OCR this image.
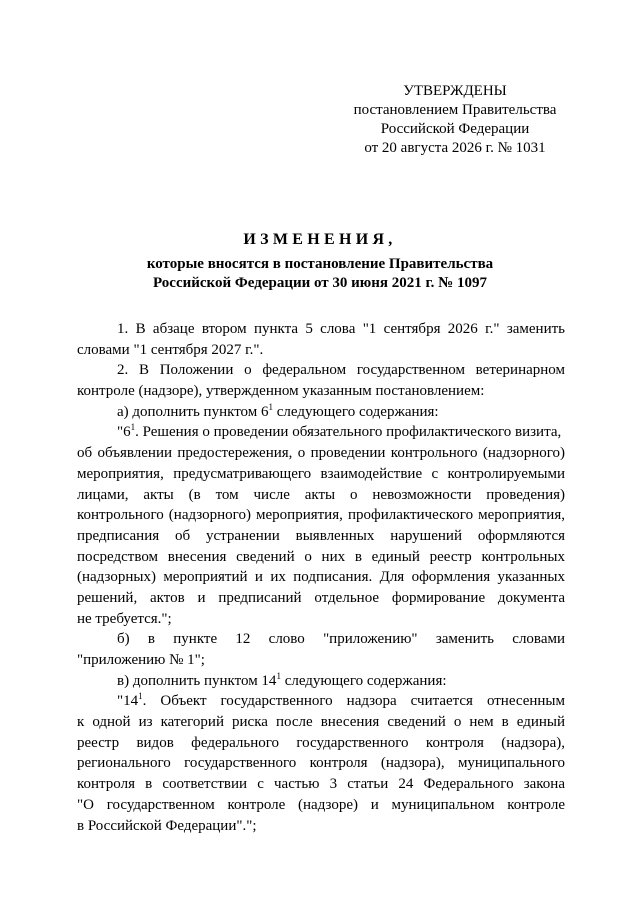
УТВЕРЖДЕНЫ
постановлением Правительства
Российской Федерации
от 20 августа 2026 г. № 1031
ИЗМЕНЕНИЯ,
которые вносятся в постановление Правительства
Российской Федерации от 30 июня 2021 г. № 1097
1. В абзаце втором пункта 5 слова "1 сентября 2026 г." заменить
словами "1 сентября 2027 г.".
2. В Положении о федеральном государственном ветеринарном
контроле (надзоре), утвержденном указанным постановлением:
а) дополнить пунктом $6^1$ следующего содержания:
"$6^1$. Решения о проведении обязательного профилактического визита,
об объявлении предостережения, о проведении контрольного (надзорного)
мероприятия, предусматривающего взаимодействие с контролируемыми
лицами, акты (в том числе акты о невозможности проведения)
контрольного (надзорного) мероприятия, профилактического мероприятия,
предписания об устранении выявленных нарушений оформляются
посредством внесения сведений о них в единый реестр контрольных
(надзорных) мероприятий и их подписания. Для оформления указанных
решений, актов и предписаний отдельное формирование документа
не требуется.";
б) в пункте 12 слово "приложению" заменить словами
"приложению № 1";
в) дополнить пунктом $14^1$ следующего содержания:
"$14^1$. Объект государственного надзора считается отнесенным
к одной из категорий риска после внесения сведений о нем в единый
реестр видов федерального государственного контроля (надзора),
регионального государственного контроля (надзора), муниципального
контроля в соответствии с частью 3 статьи 24 Федерального закона
"О государственном контроле (надзоре) и муниципальном контроле
в Российской Федерации".";
